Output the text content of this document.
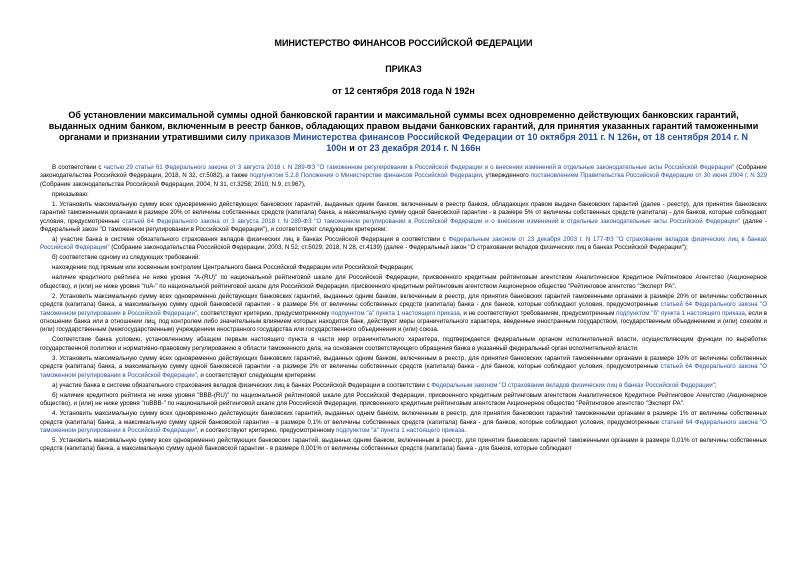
МИНИСТЕРСТВО ФИНАНСОВ РОССИЙСКОЙ ФЕДЕРАЦИИ
ПРИКАЗ
от 12 сентября 2018 года N 192н
Об установлении максимальной суммы одной банковской гарантии и максимальной суммы всех одновременно действующих банковских гарантий, выданных одним банком, включенным в реестр банков, обладающих правом выдачи банковских гарантий, для принятия указанных гарантий таможенными органами и признании утратившими силу приказов Министерства финансов Российской Федерации от 10 октября 2011 г. N 126н, от 18 сентября 2014 г. N 100н и от 23 декабря 2014 г. N 166н

В соответствии с частью 29 статьи 61 Федерального закона от 3 августа 2018 г. N 289-ФЗ "О таможенном регулировании в Российской Федерации и о внесении изменений в отдельные законодательные акты Российской Федерации" (Собрание законодательства Российской Федерации, 2018, N 32, ст.5082), а также подпунктом 5.2.8 Положения о Министерстве финансов Российской Федерации, утвержденного постановлением Правительства Российской Федерации от 30 июня 2004 г. N 329 (Собрание законодательства Российской Федерации, 2004, N 31, ст.3258; 2010, N 9, ст.967),

приказываю:

1. Установить максимальную сумму всех одновременно действующих банковских гарантий, выданных одним банком, включенным в реестр банков, обладающих правом выдачи банковских гарантий (далее - реестр), для принятия банковских гарантий таможенными органами в размере 20% от величины собственных средств (капитала) банка, а максимальную сумму одной банковской гарантии - в размере 5% от величины собственных средств (капитала) - для банков, которые соблюдают условия, предусмотренные статьей 64 Федерального закона от 3 августа 2018 г. N 289-ФЗ "О таможенном регулировании в Российской Федерации и о внесении изменений в отдельные законодательные акты Российской Федерации" (далее - Федеральный закон "О таможенном регулировании в Российской Федерации"), и соответствуют следующим критериям:

а) участие банка в системе обязательного страхования вкладов физических лиц в банках Российской Федерации в соответствии с Федеральным законом от 23 декабря 2003 г. N 177-ФЗ "О страховании вкладов физических лиц в банках Российской Федерации" (Собрание законодательства Российской Федерации, 2003, N 52, ст.5029; 2018, N 28, ст.4139) (далее - Федеральный закон "О страховании вкладов физических лиц в банках Российской Федерации");

б) соответствие одному из следующих требований:

нахождение под прямым или косвенным контролем Центрального банка Российской Федерации или Российской Федерации;

наличие кредитного рейтинга не ниже уровня "A-(RU)" по национальной рейтинговой шкале для Российской Федерации, присвоенного кредитным рейтинговым агентством Аналитическое Кредитное Рейтинговое Агентство (Акционерное общество), и (или) не ниже уровня "ruA-" по национальной рейтинговой шкале для Российской Федерации, присвоенного кредитным рейтинговым агентством Акционерное общество "Рейтинговое агентство "Эксперт РА".

2. Установить максимальную сумму всех одновременно действующих банковских гарантий, выданных одним банком, включенным в реестр, для принятия банковских гарантий таможенными органами в размере 20% от величины собственных средств (капитала) банка, а максимальную сумму одной банковской гарантии - в размере 5% от величины собственных средств (капитала) банка - для банков, которые соблюдают условия, предусмотренные статьей 64 Федерального закона "О таможенном регулировании в Российской Федерации", соответствуют критерию, предусмотренному подпунктом "а" пункта 1 настоящего приказа, и не соответствуют требованиям, предусмотренным подпунктом "б" пункта 1 настоящего приказа, если в отношении банка или в отношении лиц, под контролем либо значительным влиянием которых находится банк, действуют меры ограничительного характера, введенные иностранным государством, государственным объединением и (или) союзом и (или) государственным (межгосударственным) учреждением иностранного государства или государственного объединения и (или) союза.

Соответствие банка условию, установленному абзацем первым настоящего пункта в части мер ограничительного характера, подтверждается федеральным органом исполнительной власти, осуществляющим функции по выработке государственной политики и нормативно-правовому регулированию в области таможенного дела, на основании соответствующего обращения банка в указанный федеральный орган исполнительной власти.

3. Установить максимальную сумму всех одновременно действующих банковских гарантий, выданных одним банком, включенным в реестр, для принятия банковских гарантий таможенными органами в размере 10% от величины собственных средств (капитала) банка, а максимальную сумму одной банковской гарантии - в размере 2% от величины собственных средств (капитала) банка - для банков, которые соблюдают условия, предусмотренные статьей 64 Федерального закона "О таможенном регулировании в Российской Федерации", и соответствуют следующим критериям:

а) участие банка в системе обязательного страхования вкладов физических лиц в банках Российской Федерации в соответствии с Федеральным законом "О страховании вкладов физических лиц в банках Российской Федерации";

б) наличие кредитного рейтинга не ниже уровня "BBB-(RU)" по национальной рейтинговой шкале для Российской Федерации, присвоенного кредитным рейтинговым агентством Аналитическое Кредитное Рейтинговое Агентство (Акционерное общество), и (или) не ниже уровня "ruBBB-" по национальной рейтинговой шкале для Российской Федерации, присвоенного кредитным рейтинговым агентством Акционерное общество "Рейтинговое агентство "Эксперт РА".

4. Установить максимальную сумму всех одновременно действующих банковских гарантий, выданных одним банком, включенным в реестр, для принятия банковских гарантий таможенными органами в размере 1% от величины собственных средств (капитала) банка, а максимальную сумму одной банковской гарантии - в размере 0,1% от величины собственных средств (капитала) банка - для банков, которые соблюдают условия, предусмотренные статьей 64 Федерального закона "О таможенном регулировании в Российской Федерации", и соответствуют критерию, предусмотренному подпунктом "а" пункта 1 настоящего приказа.

5. Установить максимальную сумму всех одновременно действующих банковских гарантий, выданных одним банком, включенным в реестр, для принятия банковских гарантий таможенными органами в размере 0,01% от величины собственных средств (капитала) банка, а максимальную сумму одной банковской гарантии - в размере 0,001% от величины собственных средств (капитала) банка - для банков, которые соблюдают
